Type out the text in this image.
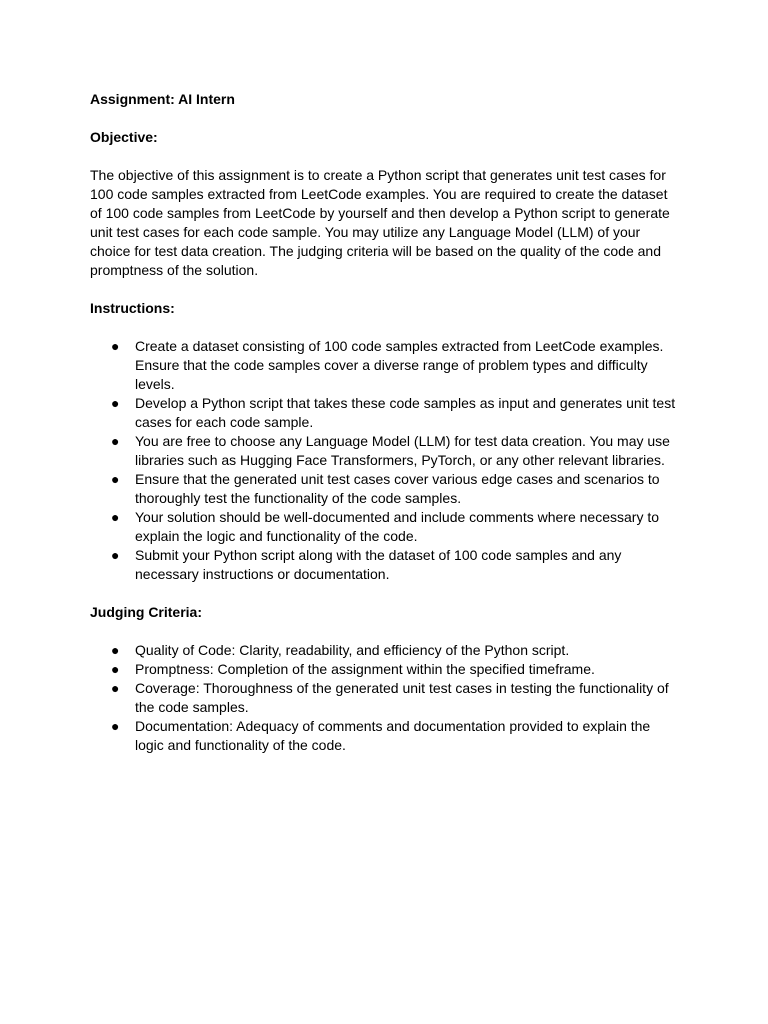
Assignment: AI Intern

Objective:

The objective of this assignment is to create a Python script that generates unit test cases for 100 code samples extracted from LeetCode examples. You are required to create the dataset of 100 code samples from LeetCode by yourself and then develop a Python script to generate unit test cases for each code sample. You may utilize any Language Model (LLM) of your choice for test data creation. The judging criteria will be based on the quality of the code and promptness of the solution.

Instructions:

● Create a dataset consisting of 100 code samples extracted from LeetCode examples. Ensure that the code samples cover a diverse range of problem types and difficulty levels.
● Develop a Python script that takes these code samples as input and generates unit test cases for each code sample.
● You are free to choose any Language Model (LLM) for test data creation. You may use libraries such as Hugging Face Transformers, PyTorch, or any other relevant libraries.
● Ensure that the generated unit test cases cover various edge cases and scenarios to thoroughly test the functionality of the code samples.
● Your solution should be well-documented and include comments where necessary to explain the logic and functionality of the code.
● Submit your Python script along with the dataset of 100 code samples and any necessary instructions or documentation.

Judging Criteria:

● Quality of Code: Clarity, readability, and efficiency of the Python script.
● Promptness: Completion of the assignment within the specified timeframe.
● Coverage: Thoroughness of the generated unit test cases in testing the functionality of the code samples.
● Documentation: Adequacy of comments and documentation provided to explain the logic and functionality of the code.
